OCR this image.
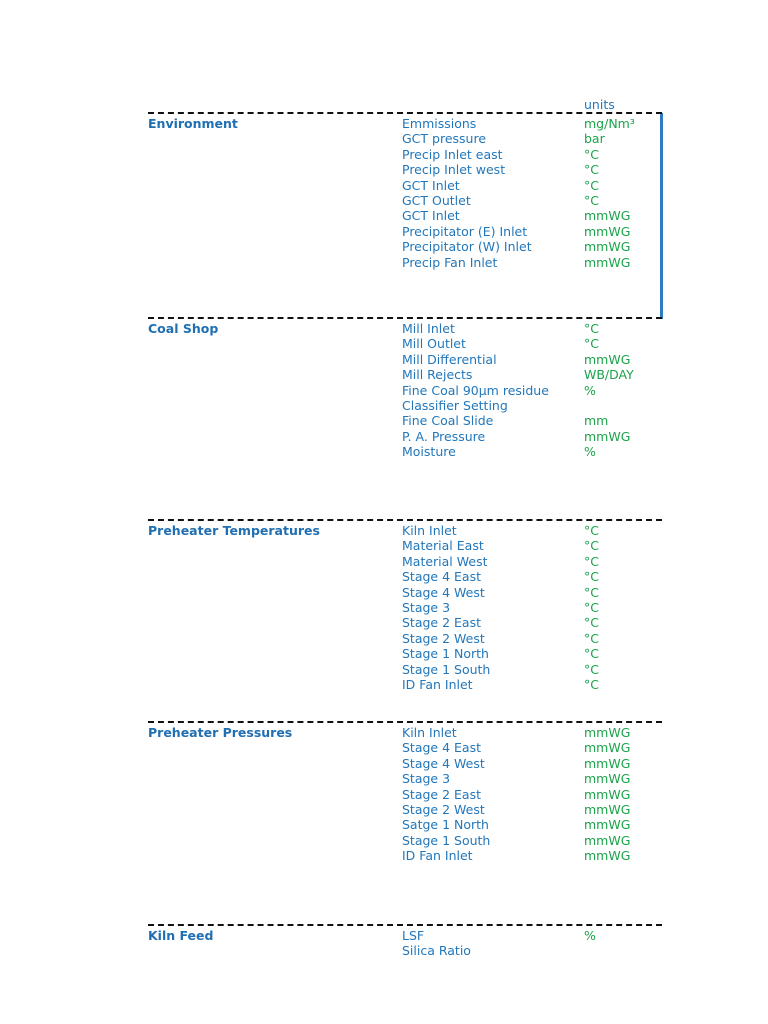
units
Environment	Emmissions	mg/Nm³
GCT pressure	bar
Precip Inlet east	°C
Precip Inlet west	°C
GCT Inlet	°C
GCT Outlet	°C
GCT Inlet	mmWG
Precipitator (E) Inlet	mmWG
Precipitator (W) Inlet	mmWG
Precip Fan Inlet	mmWG
Coal Shop	Mill Inlet	°C
Mill Outlet	°C
Mill Differential	mmWG
Mill Rejects	WB/DAY
Fine Coal 90µm residue	%
Classifier Setting
Fine Coal Slide	mm
P. A. Pressure	mmWG
Moisture	%
Preheater Temperatures	Kiln Inlet	°C
Material East	°C
Material West	°C
Stage 4 East	°C
Stage 4 West	°C
Stage 3	°C
Stage 2 East	°C
Stage 2 West	°C
Stage 1 North	°C
Stage 1 South	°C
ID Fan Inlet	°C
Preheater Pressures	Kiln Inlet	mmWG
Stage 4 East	mmWG
Stage 4 West	mmWG
Stage 3	mmWG
Stage 2 East	mmWG
Stage 2 West	mmWG
Satge 1 North	mmWG
Stage 1 South	mmWG
ID Fan Inlet	mmWG
Kiln Feed	LSF	%
Silica Ratio
